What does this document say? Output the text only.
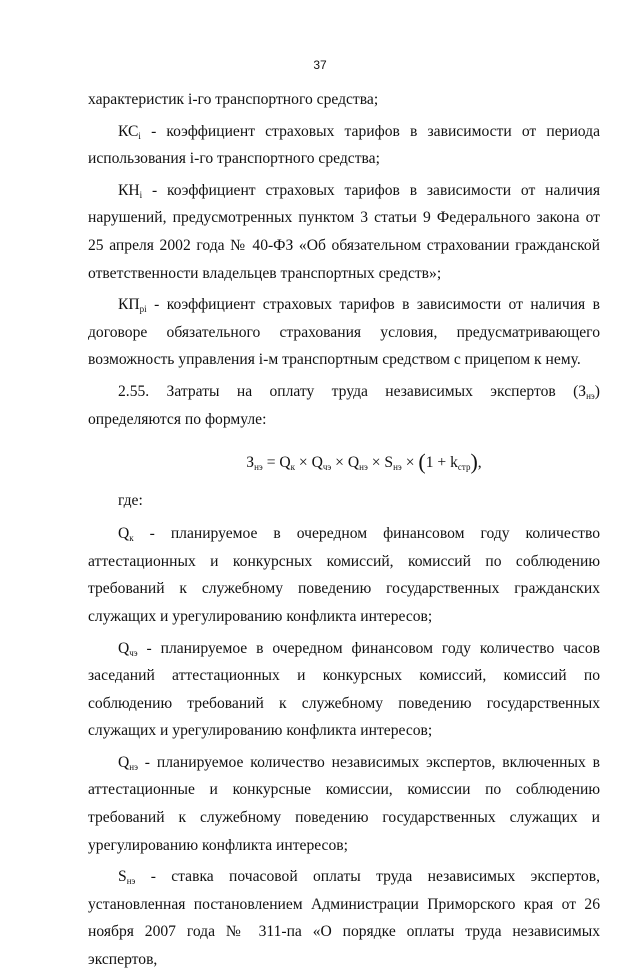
37

характеристик i-го транспортного средства;

$КС_i$ - коэффициент страховых тарифов в зависимости от периода использования i-го транспортного средства;

$КН_i$ - коэффициент страховых тарифов в зависимости от наличия нарушений, предусмотренных пунктом 3 статьи 9 Федерального закона от 25 апреля 2002 года № 40-ФЗ «Об обязательном страховании гражданской ответственности владельцев транспортных средств»;

$КП_{рi}$ - коэффициент страховых тарифов в зависимости от наличия в договоре обязательного страхования условия, предусматривающего возможность управления i-м транспортным средством с прицепом к нему.

2.55. Затраты на оплату труда независимых экспертов $(З_{нэ})$ определяются по формуле:

$З_{нэ} = Q_к \times Q_{чэ} \times Q_{нэ} \times S_{нэ} \times (1 + k_{стр})$,

где:

$Q_к$ - планируемое в очередном финансовом году количество аттестационных и конкурсных комиссий, комиссий по соблюдению требований к служебному поведению государственных гражданских служащих и урегулированию конфликта интересов;

$Q_{чэ}$ - планируемое в очередном финансовом году количество часов заседаний аттестационных и конкурсных комиссий, комиссий по соблюдению требований к служебному поведению государственных служащих и урегулированию конфликта интересов;

$Q_{нэ}$ - планируемое количество независимых экспертов, включенных в аттестационные и конкурсные комиссии, комиссии по соблюдению требований к служебному поведению государственных служащих и урегулированию конфликта интересов;

$S_{нэ}$ - ставка почасовой оплаты труда независимых экспертов, установленная постановлением Администрации Приморского края от 26 ноября 2007 года № 311-па «О порядке оплаты труда независимых экспертов,
